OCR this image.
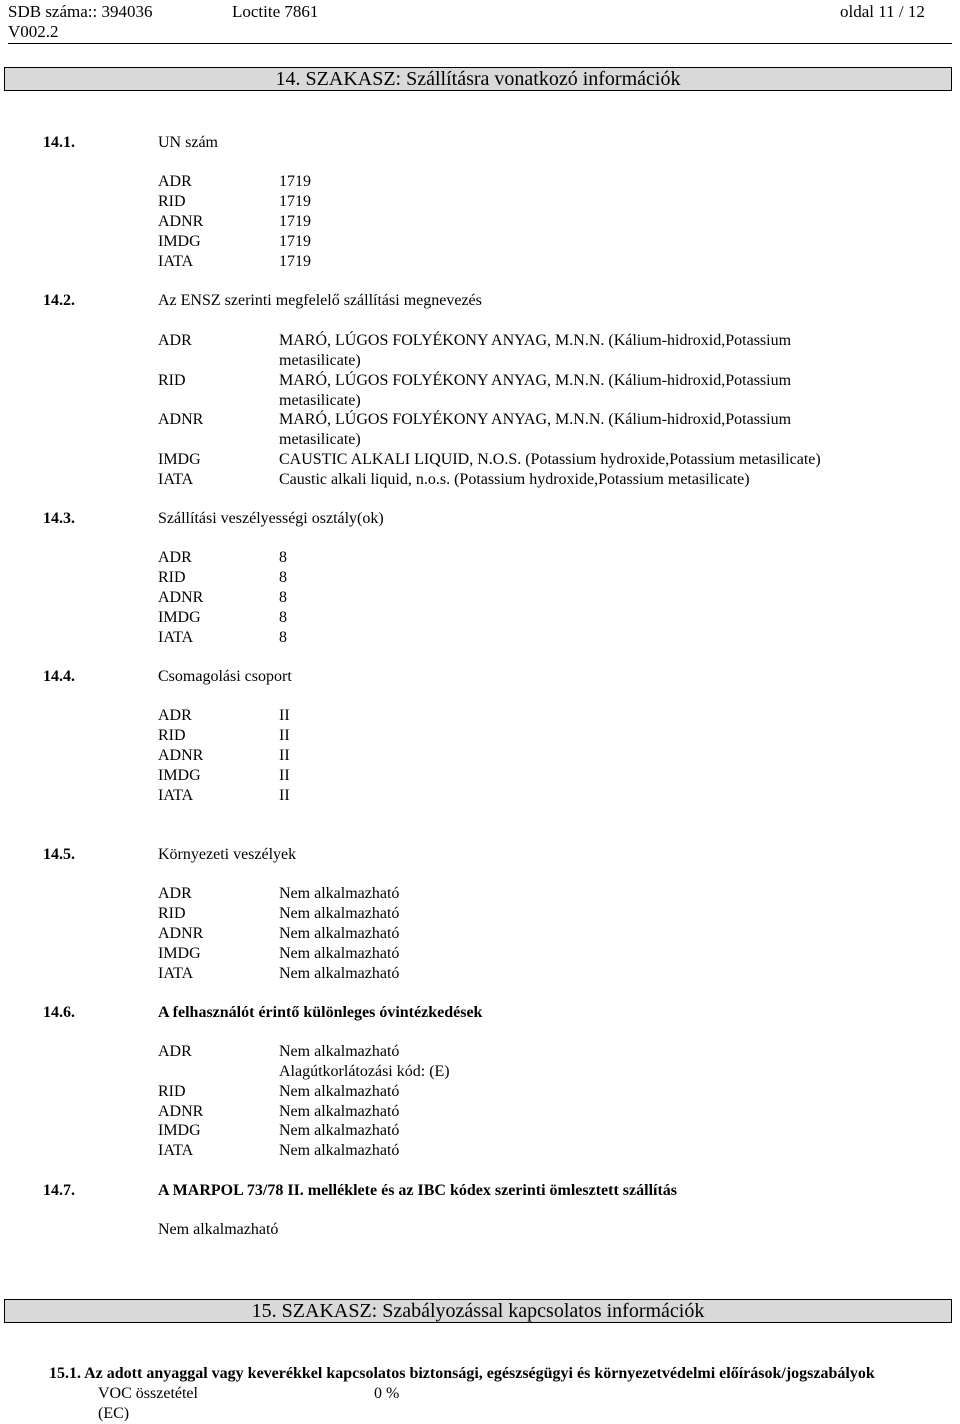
SDB száma:: 394036	Loctite 7861	oldal 11 / 12
V002.2
14. SZAKASZ: Szállításra vonatkozó információk
14.1.	UN szám
ADR	1719
RID	1719
ADNR	1719
IMDG	1719
IATA	1719
14.2.	Az ENSZ szerinti megfelelő szállítási megnevezés
ADR	MARÓ, LÚGOS FOLYÉKONY ANYAG, M.N.N. (Kálium-hidroxid,Potassium
metasilicate)
RID	MARÓ, LÚGOS FOLYÉKONY ANYAG, M.N.N. (Kálium-hidroxid,Potassium
metasilicate)
ADNR	MARÓ, LÚGOS FOLYÉKONY ANYAG, M.N.N. (Kálium-hidroxid,Potassium
metasilicate)
IMDG	CAUSTIC ALKALI LIQUID, N.O.S. (Potassium hydroxide,Potassium metasilicate)
IATA	Caustic alkali liquid, n.o.s. (Potassium hydroxide,Potassium metasilicate)
14.3.	Szállítási veszélyességi osztály(ok)
ADR	8
RID	8
ADNR	8
IMDG	8
IATA	8
14.4.	Csomagolási csoport
ADR	II
RID	II
ADNR	II
IMDG	II
IATA	II
14.5.	Környezeti veszélyek
ADR	Nem alkalmazható
RID	Nem alkalmazható
ADNR	Nem alkalmazható
IMDG	Nem alkalmazható
IATA	Nem alkalmazható
14.6.	A felhasználót érintő különleges óvintézkedések
ADR	Nem alkalmazható
Alagútkorlátozási kód: (E)
RID	Nem alkalmazható
ADNR	Nem alkalmazható
IMDG	Nem alkalmazható
IATA	Nem alkalmazható
14.7.	A MARPOL 73/78 II. melléklete és az IBC kódex szerinti ömlesztett szállítás
Nem alkalmazható
15. SZAKASZ: Szabályozással kapcsolatos információk
15.1. Az adott anyaggal vagy keverékkel kapcsolatos biztonsági, egészségügyi és környezetvédelmi előírások/jogszabályok
VOC összetétel	0 %
(EC)
